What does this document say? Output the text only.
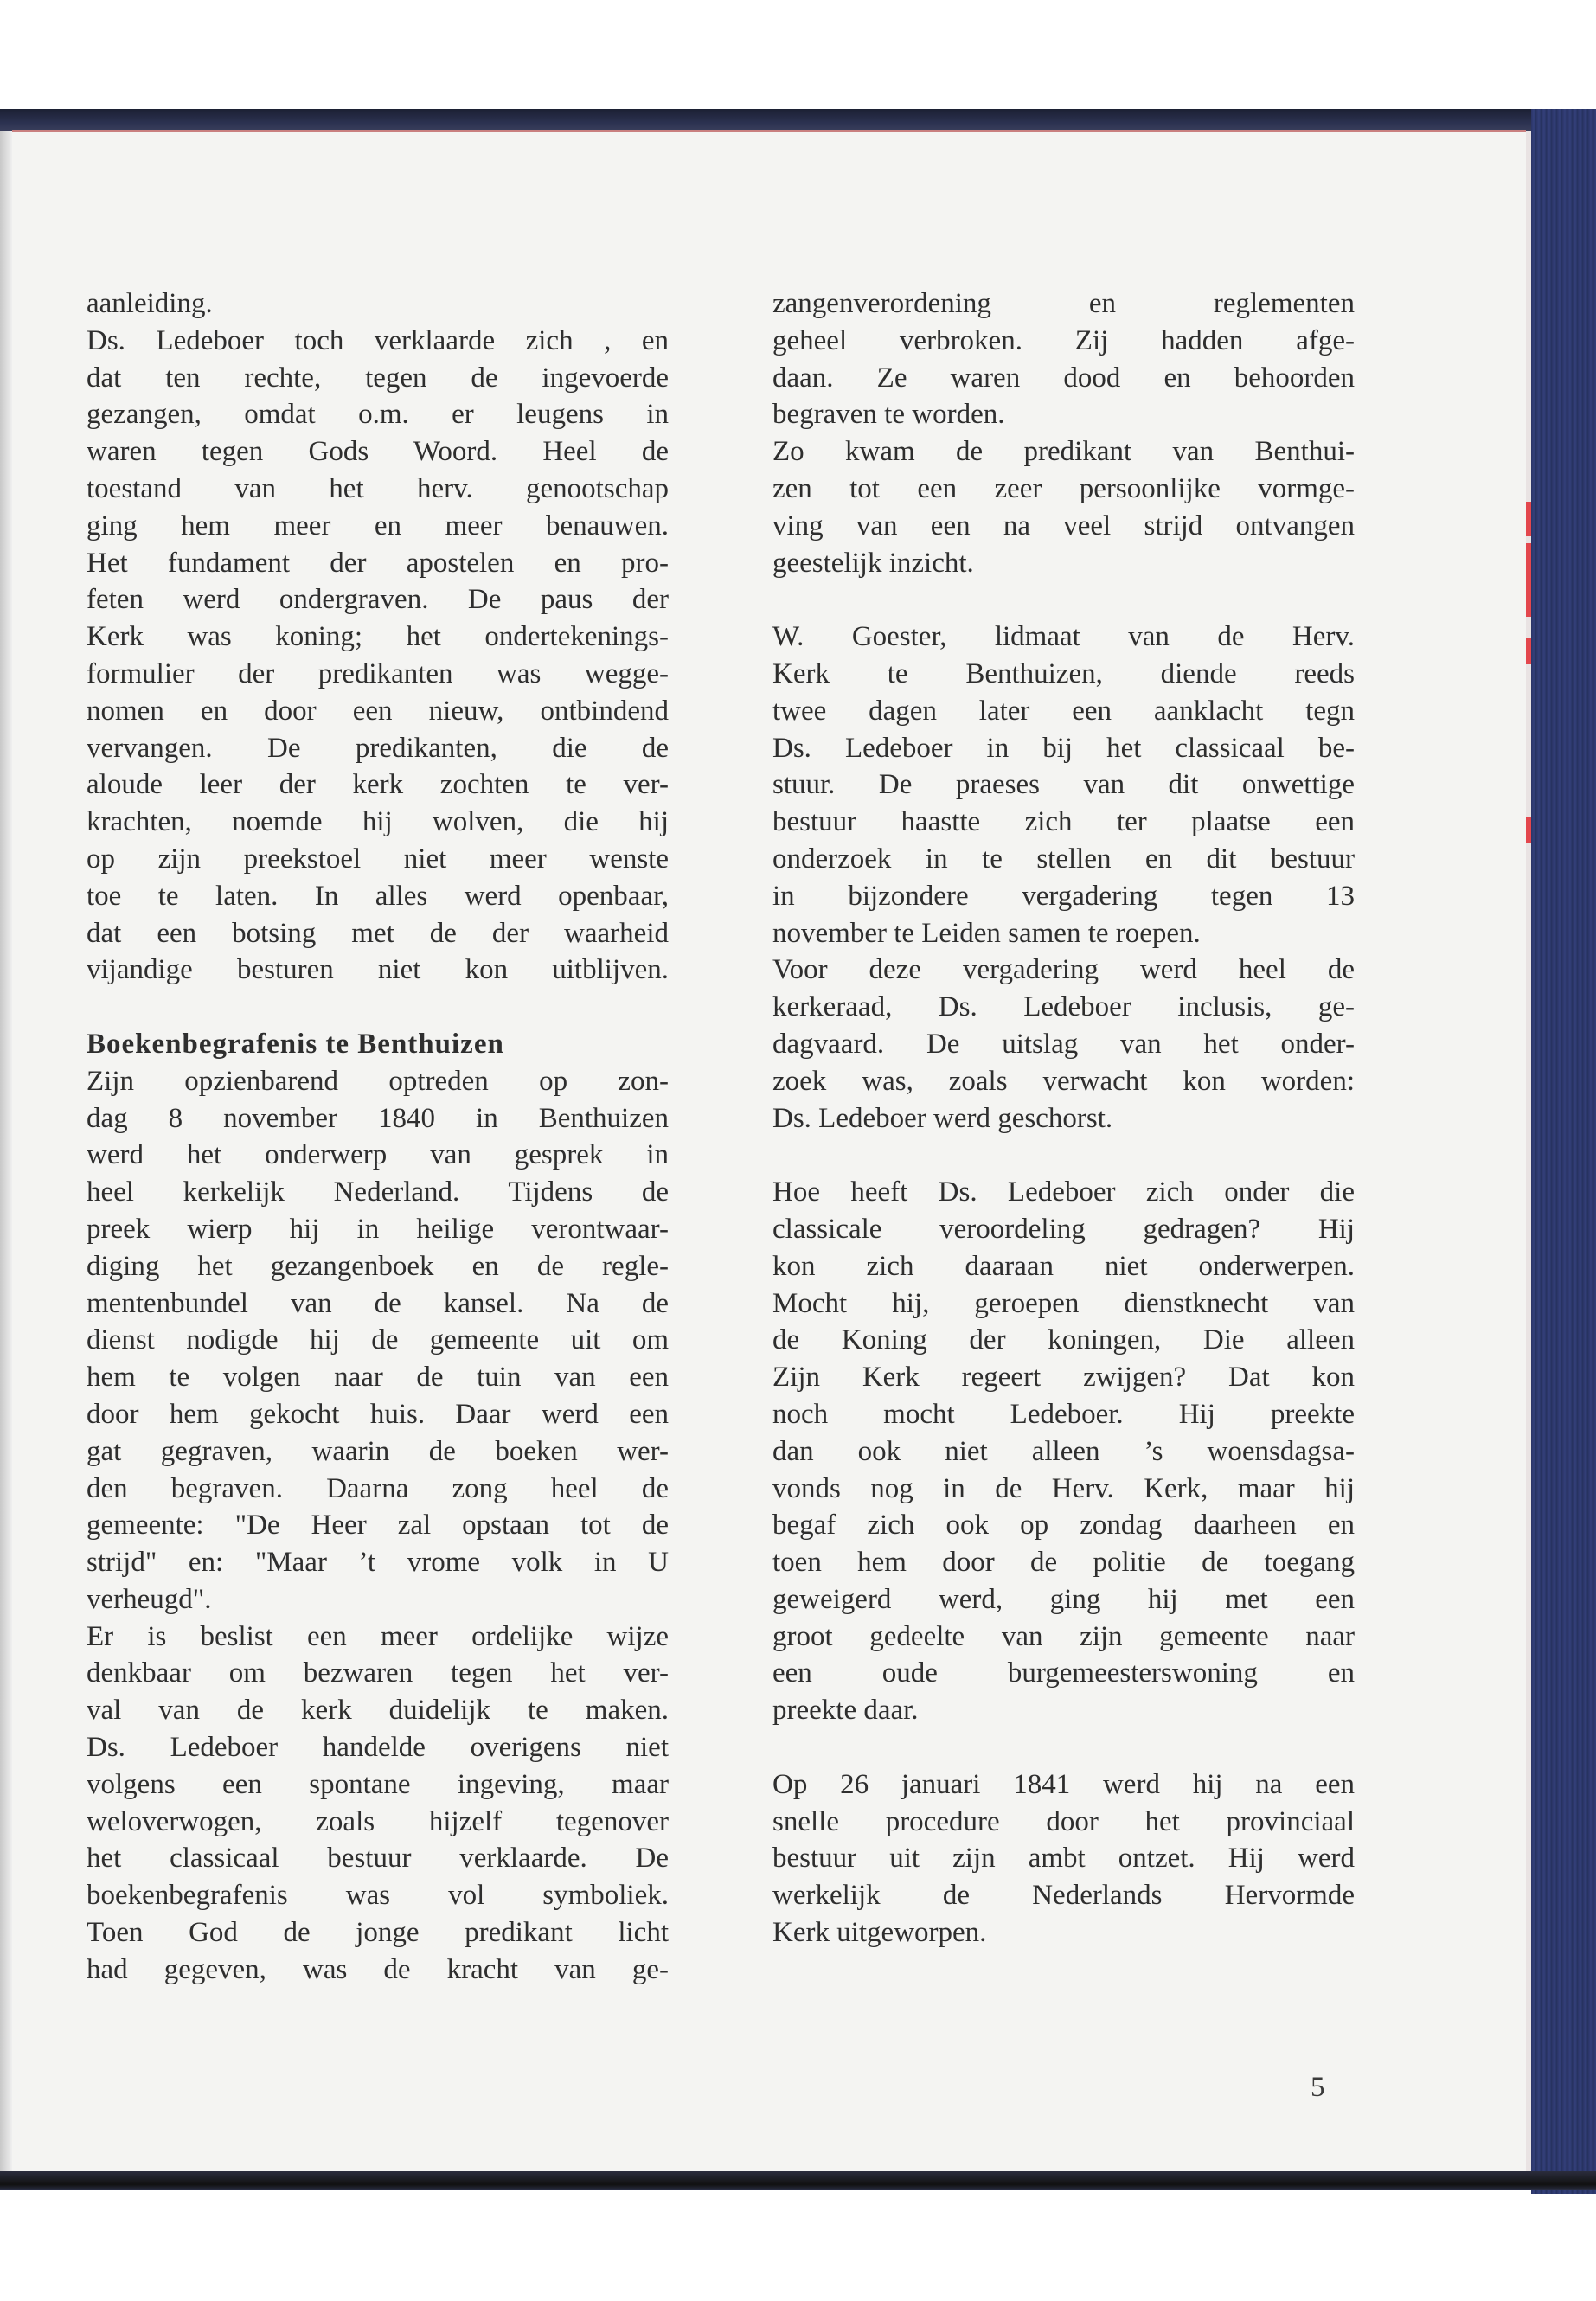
aanleiding.
Ds. Ledeboer toch verklaarde zich , en
dat ten rechte, tegen de ingevoerde
gezangen, omdat o.m. er leugens in
waren tegen Gods Woord. Heel de
toestand van het herv. genootschap
ging hem meer en meer benauwen.
Het fundament der apostelen en pro-
feten werd ondergraven. De paus der
Kerk was koning; het ondertekenings-
formulier der predikanten was wegge-
nomen en door een nieuw, ontbindend
vervangen. De predikanten, die de
aloude leer der kerk zochten te ver-
krachten, noemde hij wolven, die hij
op zijn preekstoel niet meer wenste
toe te laten. In alles werd openbaar,
dat een botsing met de der waarheid
vijandige besturen niet kon uitblijven.
Boekenbegrafenis te Benthuizen
Zijn opzienbarend optreden op zon-
dag 8 november 1840 in Benthuizen
werd het onderwerp van gesprek in
heel kerkelijk Nederland. Tijdens de
preek wierp hij in heilige verontwaar-
diging het gezangenboek en de regle-
mentenbundel van de kansel. Na de
dienst nodigde hij de gemeente uit om
hem te volgen naar de tuin van een
door hem gekocht huis. Daar werd een
gat gegraven, waarin de boeken wer-
den begraven. Daarna zong heel de
gemeente: "De Heer zal opstaan tot de
strijd" en: "Maar ’t vrome volk in U
verheugd".
Er is beslist een meer ordelijke wijze
denkbaar om bezwaren tegen het ver-
val van de kerk duidelijk te maken.
Ds. Ledeboer handelde overigens niet
volgens een spontane ingeving, maar
weloverwogen, zoals hijzelf tegenover
het classicaal bestuur verklaarde. De
boekenbegrafenis was vol symboliek.
Toen God de jonge predikant licht
had gegeven, was de kracht van ge-
zangenverordening en reglementen
geheel verbroken. Zij hadden afge-
daan. Ze waren dood en behoorden
begraven te worden.
Zo kwam de predikant van Benthui-
zen tot een zeer persoonlijke vormge-
ving van een na veel strijd ontvangen
geestelijk inzicht.
W. Goester, lidmaat van de Herv.
Kerk te Benthuizen, diende reeds
twee dagen later een aanklacht tegn
Ds. Ledeboer in bij het classicaal be-
stuur. De praeses van dit onwettige
bestuur haastte zich ter plaatse een
onderzoek in te stellen en dit bestuur
in bijzondere vergadering tegen 13
november te Leiden samen te roepen.
Voor deze vergadering werd heel de
kerkeraad, Ds. Ledeboer inclusis, ge-
dagvaard. De uitslag van het onder-
zoek was, zoals verwacht kon worden:
Ds. Ledeboer werd geschorst.
Hoe heeft Ds. Ledeboer zich onder die
classicale veroordeling gedragen? Hij
kon zich daaraan niet onderwerpen.
Mocht hij, geroepen dienstknecht van
de Koning der koningen, Die alleen
Zijn Kerk regeert zwijgen? Dat kon
noch mocht Ledeboer. Hij preekte
dan ook niet alleen ’s woensdagsa-
vonds nog in de Herv. Kerk, maar hij
begaf zich ook op zondag daarheen en
toen hem door de politie de toegang
geweigerd werd, ging hij met een
groot gedeelte van zijn gemeente naar
een oude burgemeesterswoning en
preekte daar.
Op 26 januari 1841 werd hij na een
snelle procedure door het provinciaal
bestuur uit zijn ambt ontzet. Hij werd
werkelijk de Nederlands Hervormde
Kerk uitgeworpen.
5
